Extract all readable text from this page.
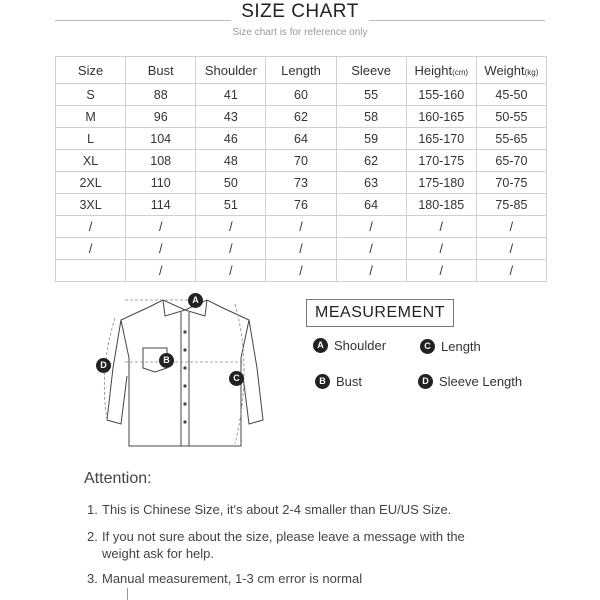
SIZE CHART
Size chart is for reference only
Size	Bust	Shoulder	Length	Sleeve	Height(cm)	Weight(kg)
S	88	41	60	55	155-160	45-50
M	96	43	62	58	160-165	50-55
L	104	46	64	59	165-170	55-65
XL	108	48	70	62	170-175	65-70
2XL	110	50	73	63	175-180	70-75
3XL	114	51	76	64	180-185	75-85
/	/	/	/	/	/	/
/	/	/	/	/	/	/
	/	/	/	/	/	/
A
B
C
D
MEASUREMENT
A Shoulder	C Length
B Bust	D Sleeve Length
Attention:
1. This is Chinese Size, it's about 2-4 smaller than EU/US Size.
2. If you not sure about the size, please leave a message with the
weight ask for help.
3. Manual measurement, 1-3 cm error is normal
